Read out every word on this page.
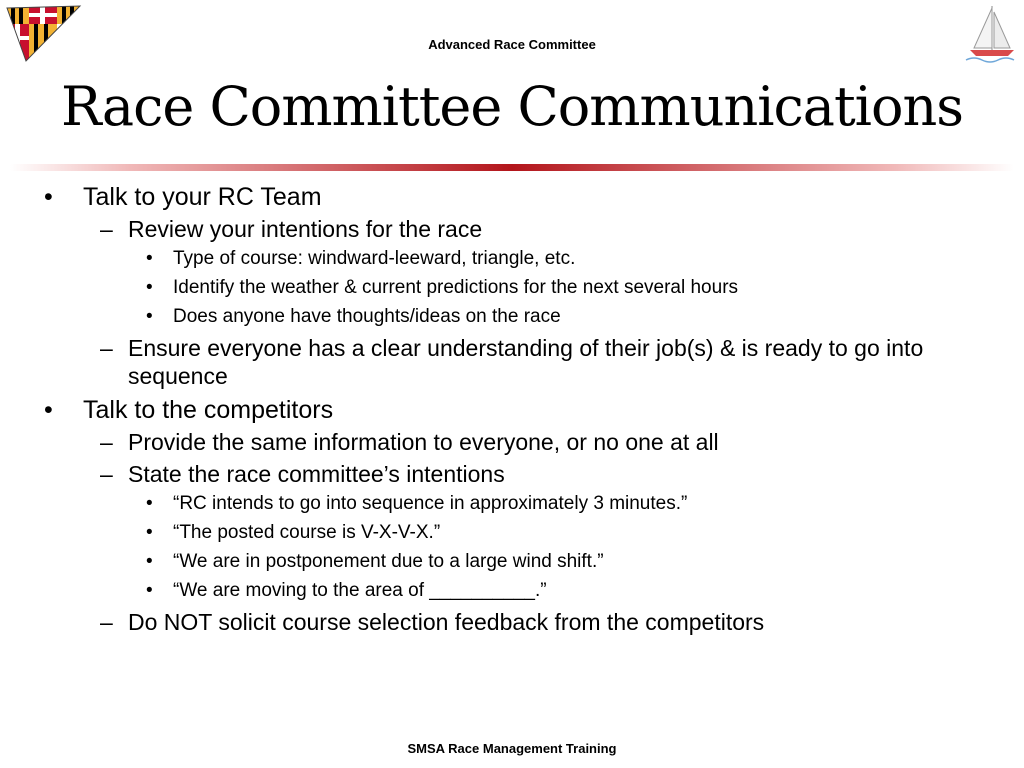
Advanced Race Committee
Race Committee Communications
• Talk to your RC Team
– Review your intentions for the race
• Type of course: windward-leeward, triangle, etc.
• Identify the weather & current predictions for the next several hours
• Does anyone have thoughts/ideas on the race
– Ensure everyone has a clear understanding of their job(s) & is ready to go into sequence
• Talk to the competitors
– Provide the same information to everyone, or no one at all
– State the race committee’s intentions
• “RC intends to go into sequence in approximately 3 minutes.”
• “The posted course is V-X-V-X.”
• “We are in postponement due to a large wind shift.”
• “We are moving to the area of __________.”
– Do NOT solicit course selection feedback from the competitors
SMSA Race Management Training
